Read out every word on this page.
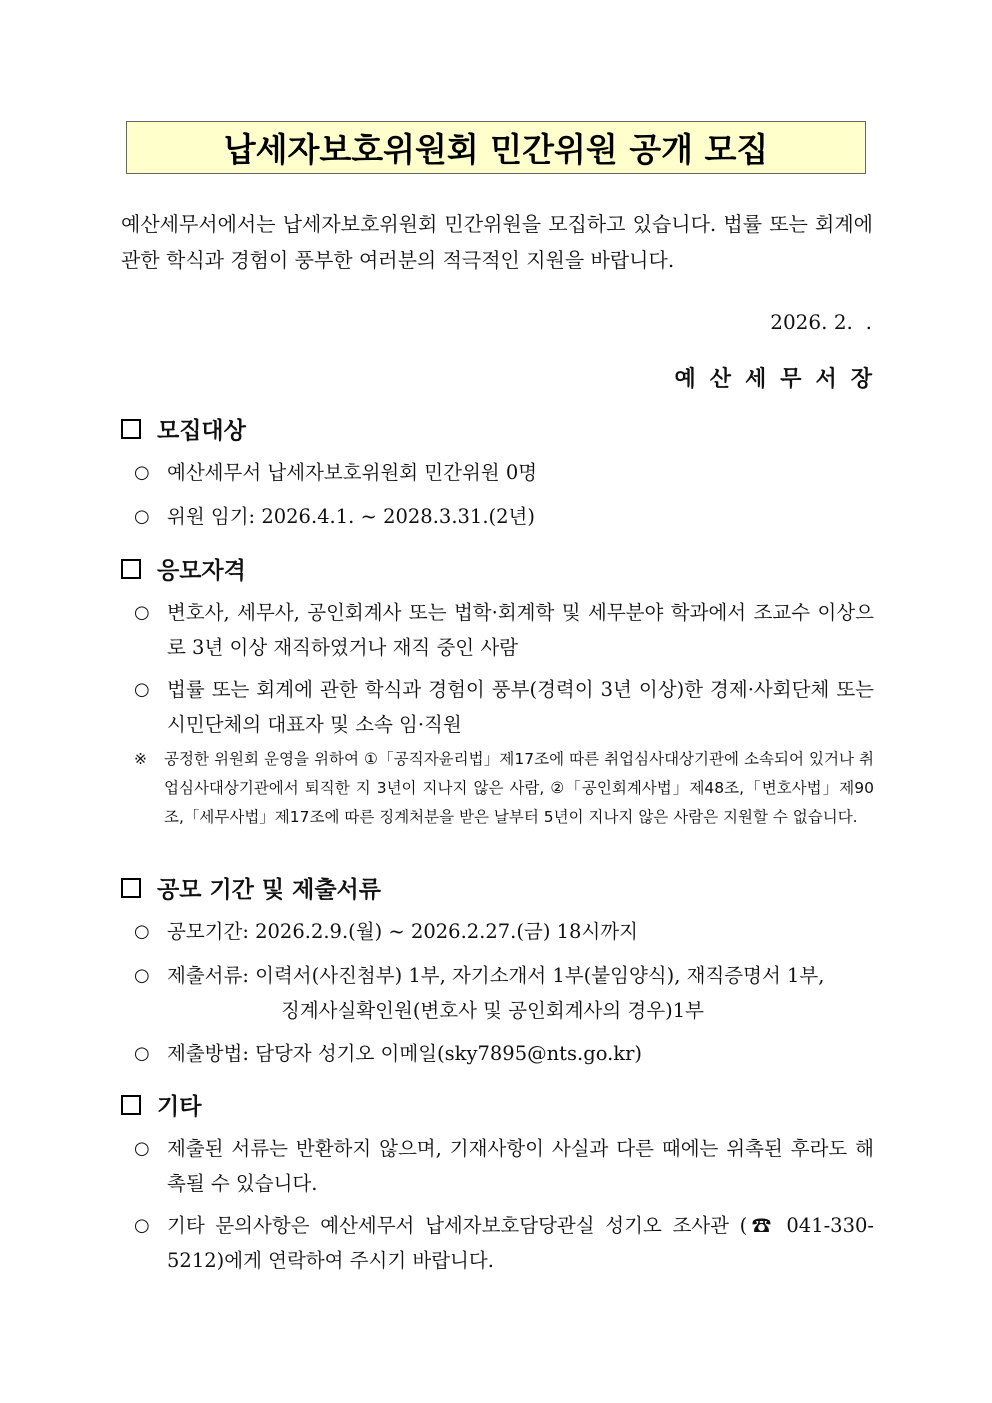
납세자보호위원회 민간위원 공개 모집
예산세무서에서는 납세자보호위원회 민간위원을 모집하고 있습니다. 법률 또는 회계에 관한 학식과 경험이 풍부한 여러분의 적극적인 지원을 바랍니다.
2026. 2.  .
예산세무서장
모집대상
○ 예산세무서 납세자보호위원회 민간위원 0명
○ 위원 임기: 2026.4.1. ~ 2028.3.31.(2년)
응모자격
○ 변호사, 세무사, 공인회계사 또는 법학·회계학 및 세무분야 학과에서 조교수 이상으로 3년 이상 재직하였거나 재직 중인 사람
○ 법률 또는 회계에 관한 학식과 경험이 풍부(경력이 3년 이상)한 경제·사회단체 또는 시민단체의 대표자 및 소속 임·직원
※ 공정한 위원회 운영을 위하여 ①「공직자윤리법」제17조에 따른 취업심사대상기관에 소속되어 있거나 취업심사대상기관에서 퇴직한 지 3년이 지나지 않은 사람, ②「공인회계사법」제48조,「변호사법」제90조,「세무사법」제17조에 따른 징계처분을 받은 날부터 5년이 지나지 않은 사람은 지원할 수 없습니다.
공모 기간 및 제출서류
○ 공모기간: 2026.2.9.(월) ~ 2026.2.27.(금) 18시까지
○ 제출서류: 이력서(사진첨부) 1부, 자기소개서 1부(붙임양식), 재직증명서 1부,
징계사실확인원(변호사 및 공인회계사의 경우)1부
○ 제출방법: 담당자 성기오 이메일(sky7895@nts.go.kr)
기타
○ 제출된 서류는 반환하지 않으며, 기재사항이 사실과 다른 때에는 위촉된 후라도 해촉될 수 있습니다.
○ 기타 문의사항은 예산세무서 납세자보호담당관실 성기오 조사관 (☎ 041-330-5212)에게 연락하여 주시기 바랍니다.
